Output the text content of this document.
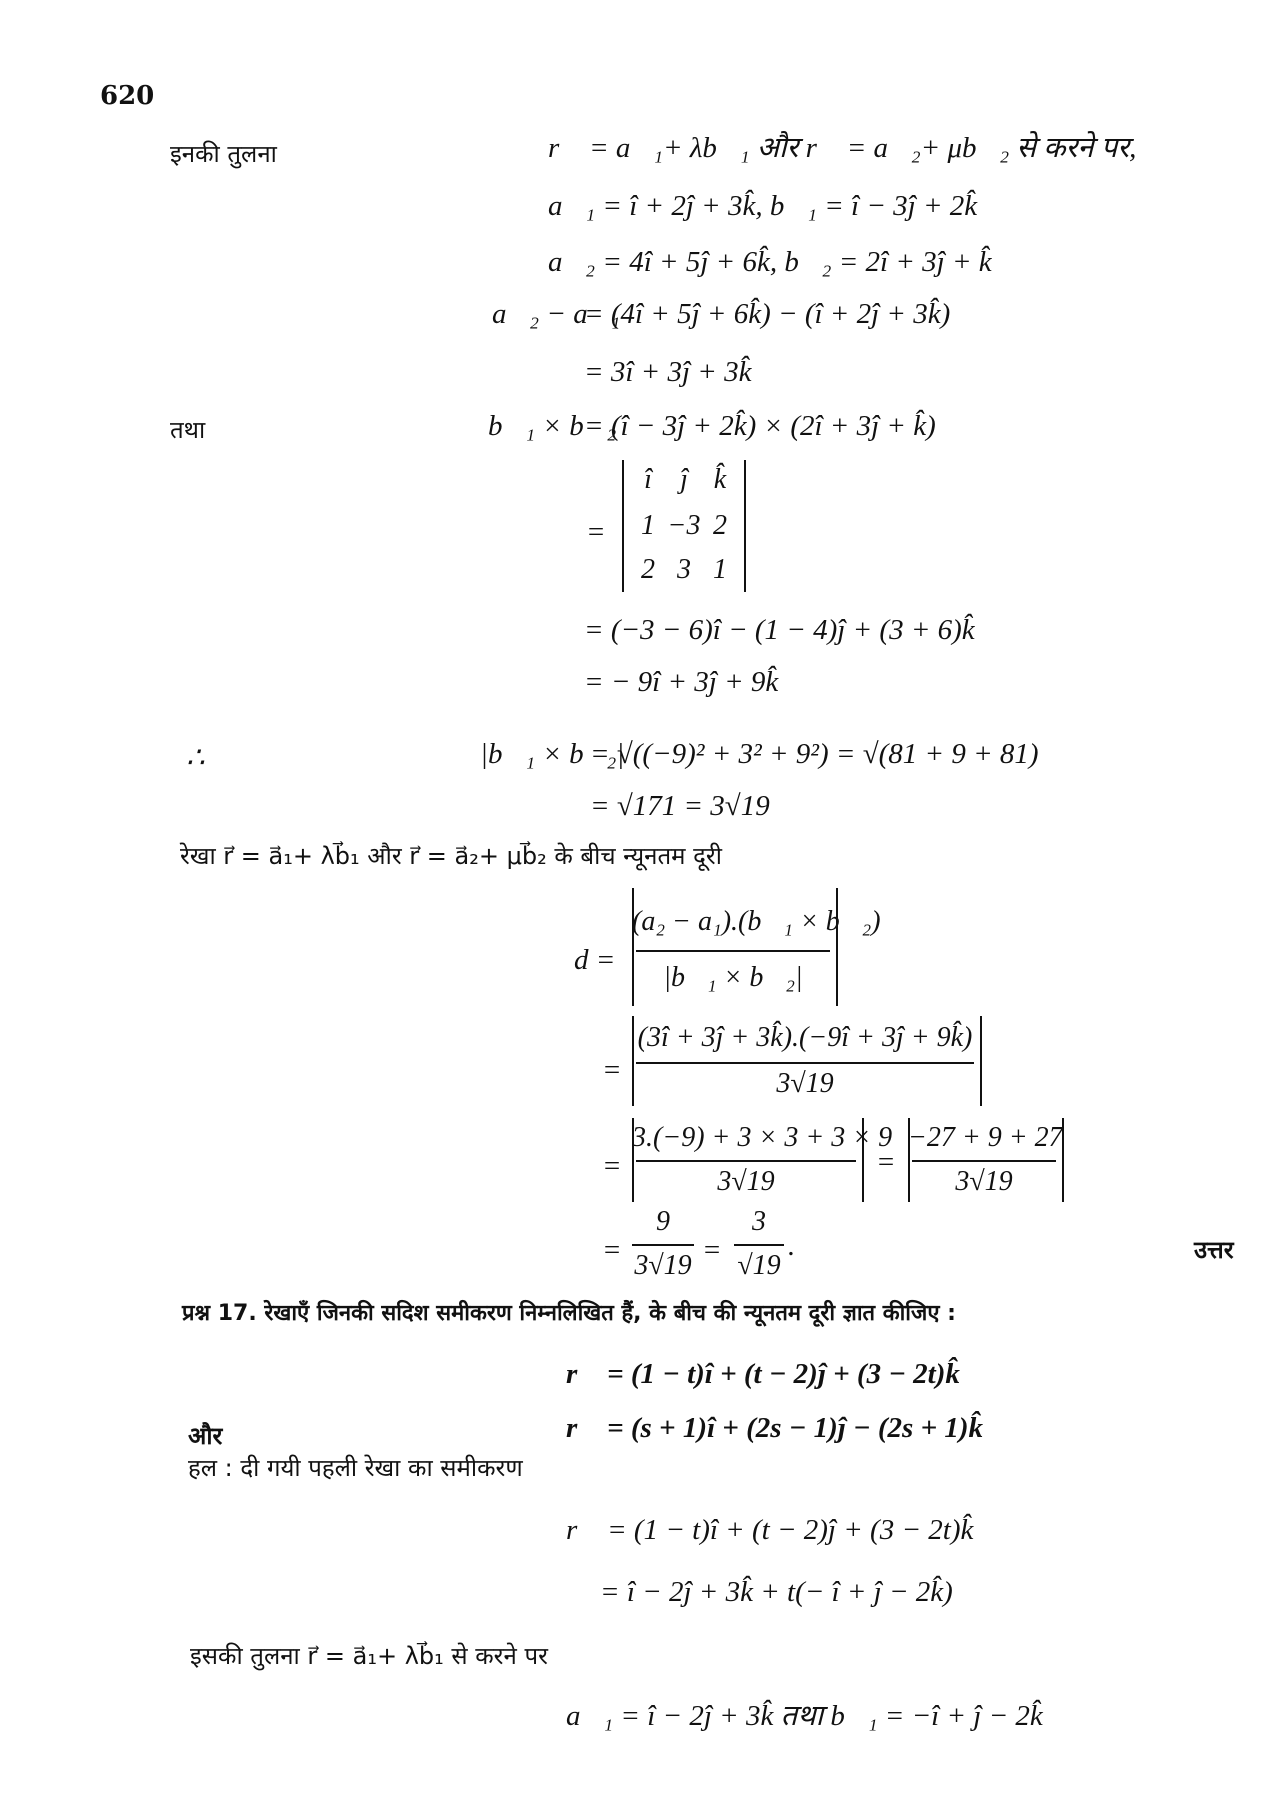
620
इनकी तुलना	r⃗ = a⃗₁+ λb⃗₁ और r⃗ = a⃗₂+ μb⃗₂ से करने पर,
a⃗₁ = î + 2ĵ + 3k̂, b⃗₁ = î − 3ĵ + 2k̂
a⃗₂ = 4î + 5ĵ + 6k̂, b⃗₂ = 2î + 3ĵ + k̂
a⃗₂ − a⃗₁
= (4î + 5ĵ + 6k̂) − (î + 2ĵ + 3k̂)
= 3î + 3ĵ + 3k̂
तथा	b⃗₁ × b⃗₂
= (î − 3ĵ + 2k̂) × (2î + 3ĵ + k̂)
=
î	ĵ k̂
1 −3 2
2 3 1
= (−3 − 6)î − (1 − 4)ĵ + (3 + 6)k̂
= − 9î + 3ĵ + 9k̂
∴	|b⃗₁ × b⃗₂|
= √((−9)² + 3² + 9²) = √(81 + 9 + 81)
= √171 = 3√19
रेखा r⃗ = a⃗₁+ λb⃗₁ और r⃗ = a⃗₂+ μb⃗₂ के बीच न्यूनतम दूरी
d =
(a₂ − a₁).(b⃗₁ × b⃗₂)
|b⃗₁ × b⃗₂|
=
(3î + 3ĵ + 3k̂).(−9î + 3ĵ + 9k̂)
3√19
=
3.(−9) + 3 × 3 + 3 × 9
3√19
=
−27 + 9 + 27
3√19
=
9
3√19 =
3
√19
.	उत्तर
प्रश्न 17. रेखाएँ जिनकी सदिश समीकरण निम्नलिखित हैं, के बीच की न्यूनतम दूरी ज्ञात कीजिए :
r⃗ = (1 − t)î + (t − 2)ĵ + (3 − 2t)k̂
और	r⃗ = (s + 1)î + (2s − 1)ĵ − (2s + 1)k̂
हल : दी गयी पहली रेखा का समीकरण
r⃗ = (1 − t)î + (t − 2)ĵ + (3 − 2t)k̂
= î − 2ĵ + 3k̂ + t(− î + ĵ − 2k̂)
इसकी तुलना r⃗ = a⃗₁+ λb⃗₁ से करने पर
a⃗₁ = î − 2ĵ + 3k̂ तथा b⃗₁ = −î + ĵ − 2k̂
